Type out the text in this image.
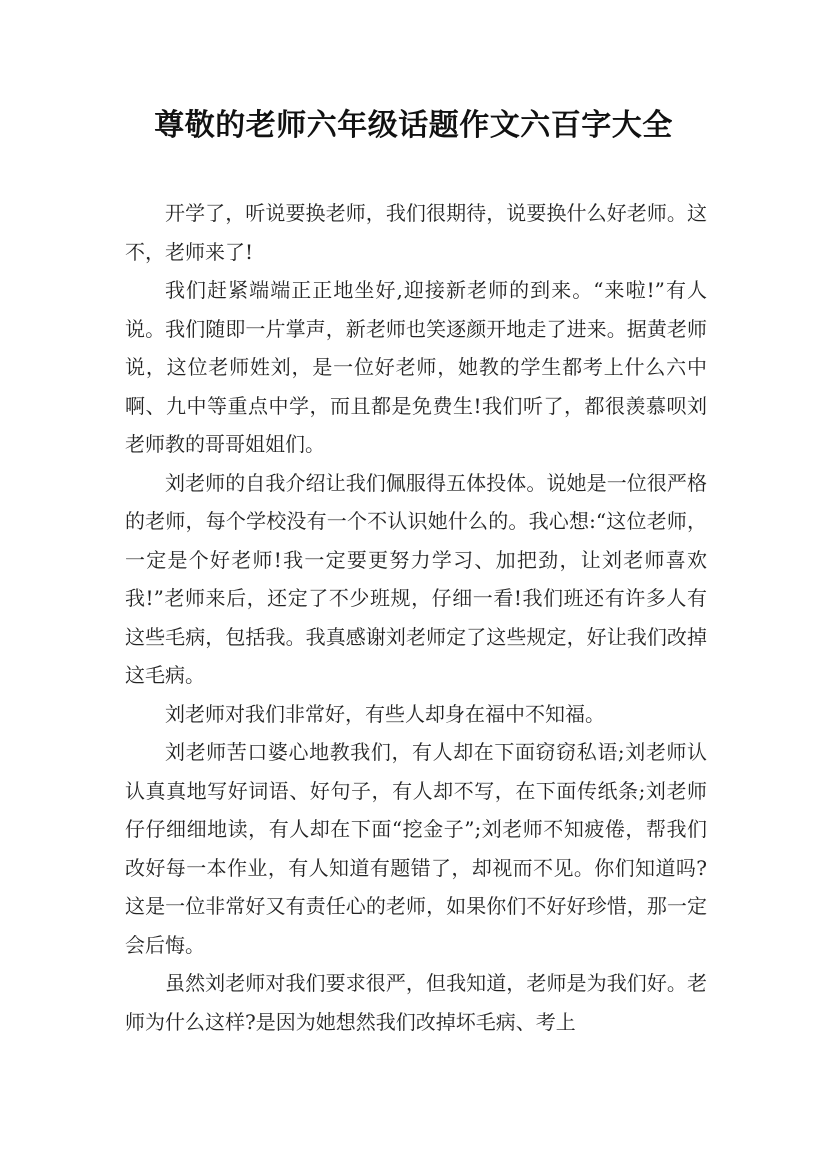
尊敬的老师六年级话题作文六百字大全

开学了，听说要换老师，我们很期待，说要换什么好老师。这不，老师来了!

我们赶紧端端正正地坐好,迎接新老师的到来。“来啦!”有人说。我们随即一片掌声，新老师也笑逐颜开地走了进来。据黄老师说，这位老师姓刘，是一位好老师，她教的学生都考上什么六中啊、九中等重点中学，而且都是免费生!我们听了，都很羡慕呗刘老师教的哥哥姐姐们。

刘老师的自我介绍让我们佩服得五体投体。说她是一位很严格的老师，每个学校没有一个不认识她什么的。我心想:“这位老师，一定是个好老师!我一定要更努力学习、加把劲，让刘老师喜欢我!”老师来后，还定了不少班规，仔细一看!我们班还有许多人有这些毛病，包括我。我真感谢刘老师定了这些规定，好让我们改掉这毛病。

刘老师对我们非常好，有些人却身在福中不知福。

刘老师苦口婆心地教我们，有人却在下面窃窃私语;刘老师认认真真地写好词语、好句子，有人却不写，在下面传纸条;刘老师仔仔细细地读，有人却在下面“挖金子”;刘老师不知疲倦，帮我们改好每一本作业，有人知道有题错了，却视而不见。你们知道吗?这是一位非常好又有责任心的老师，如果你们不好好珍惜，那一定会后悔。

虽然刘老师对我们要求很严，但我知道，老师是为我们好。老师为什么这样?是因为她想然我们改掉坏毛病、考上
